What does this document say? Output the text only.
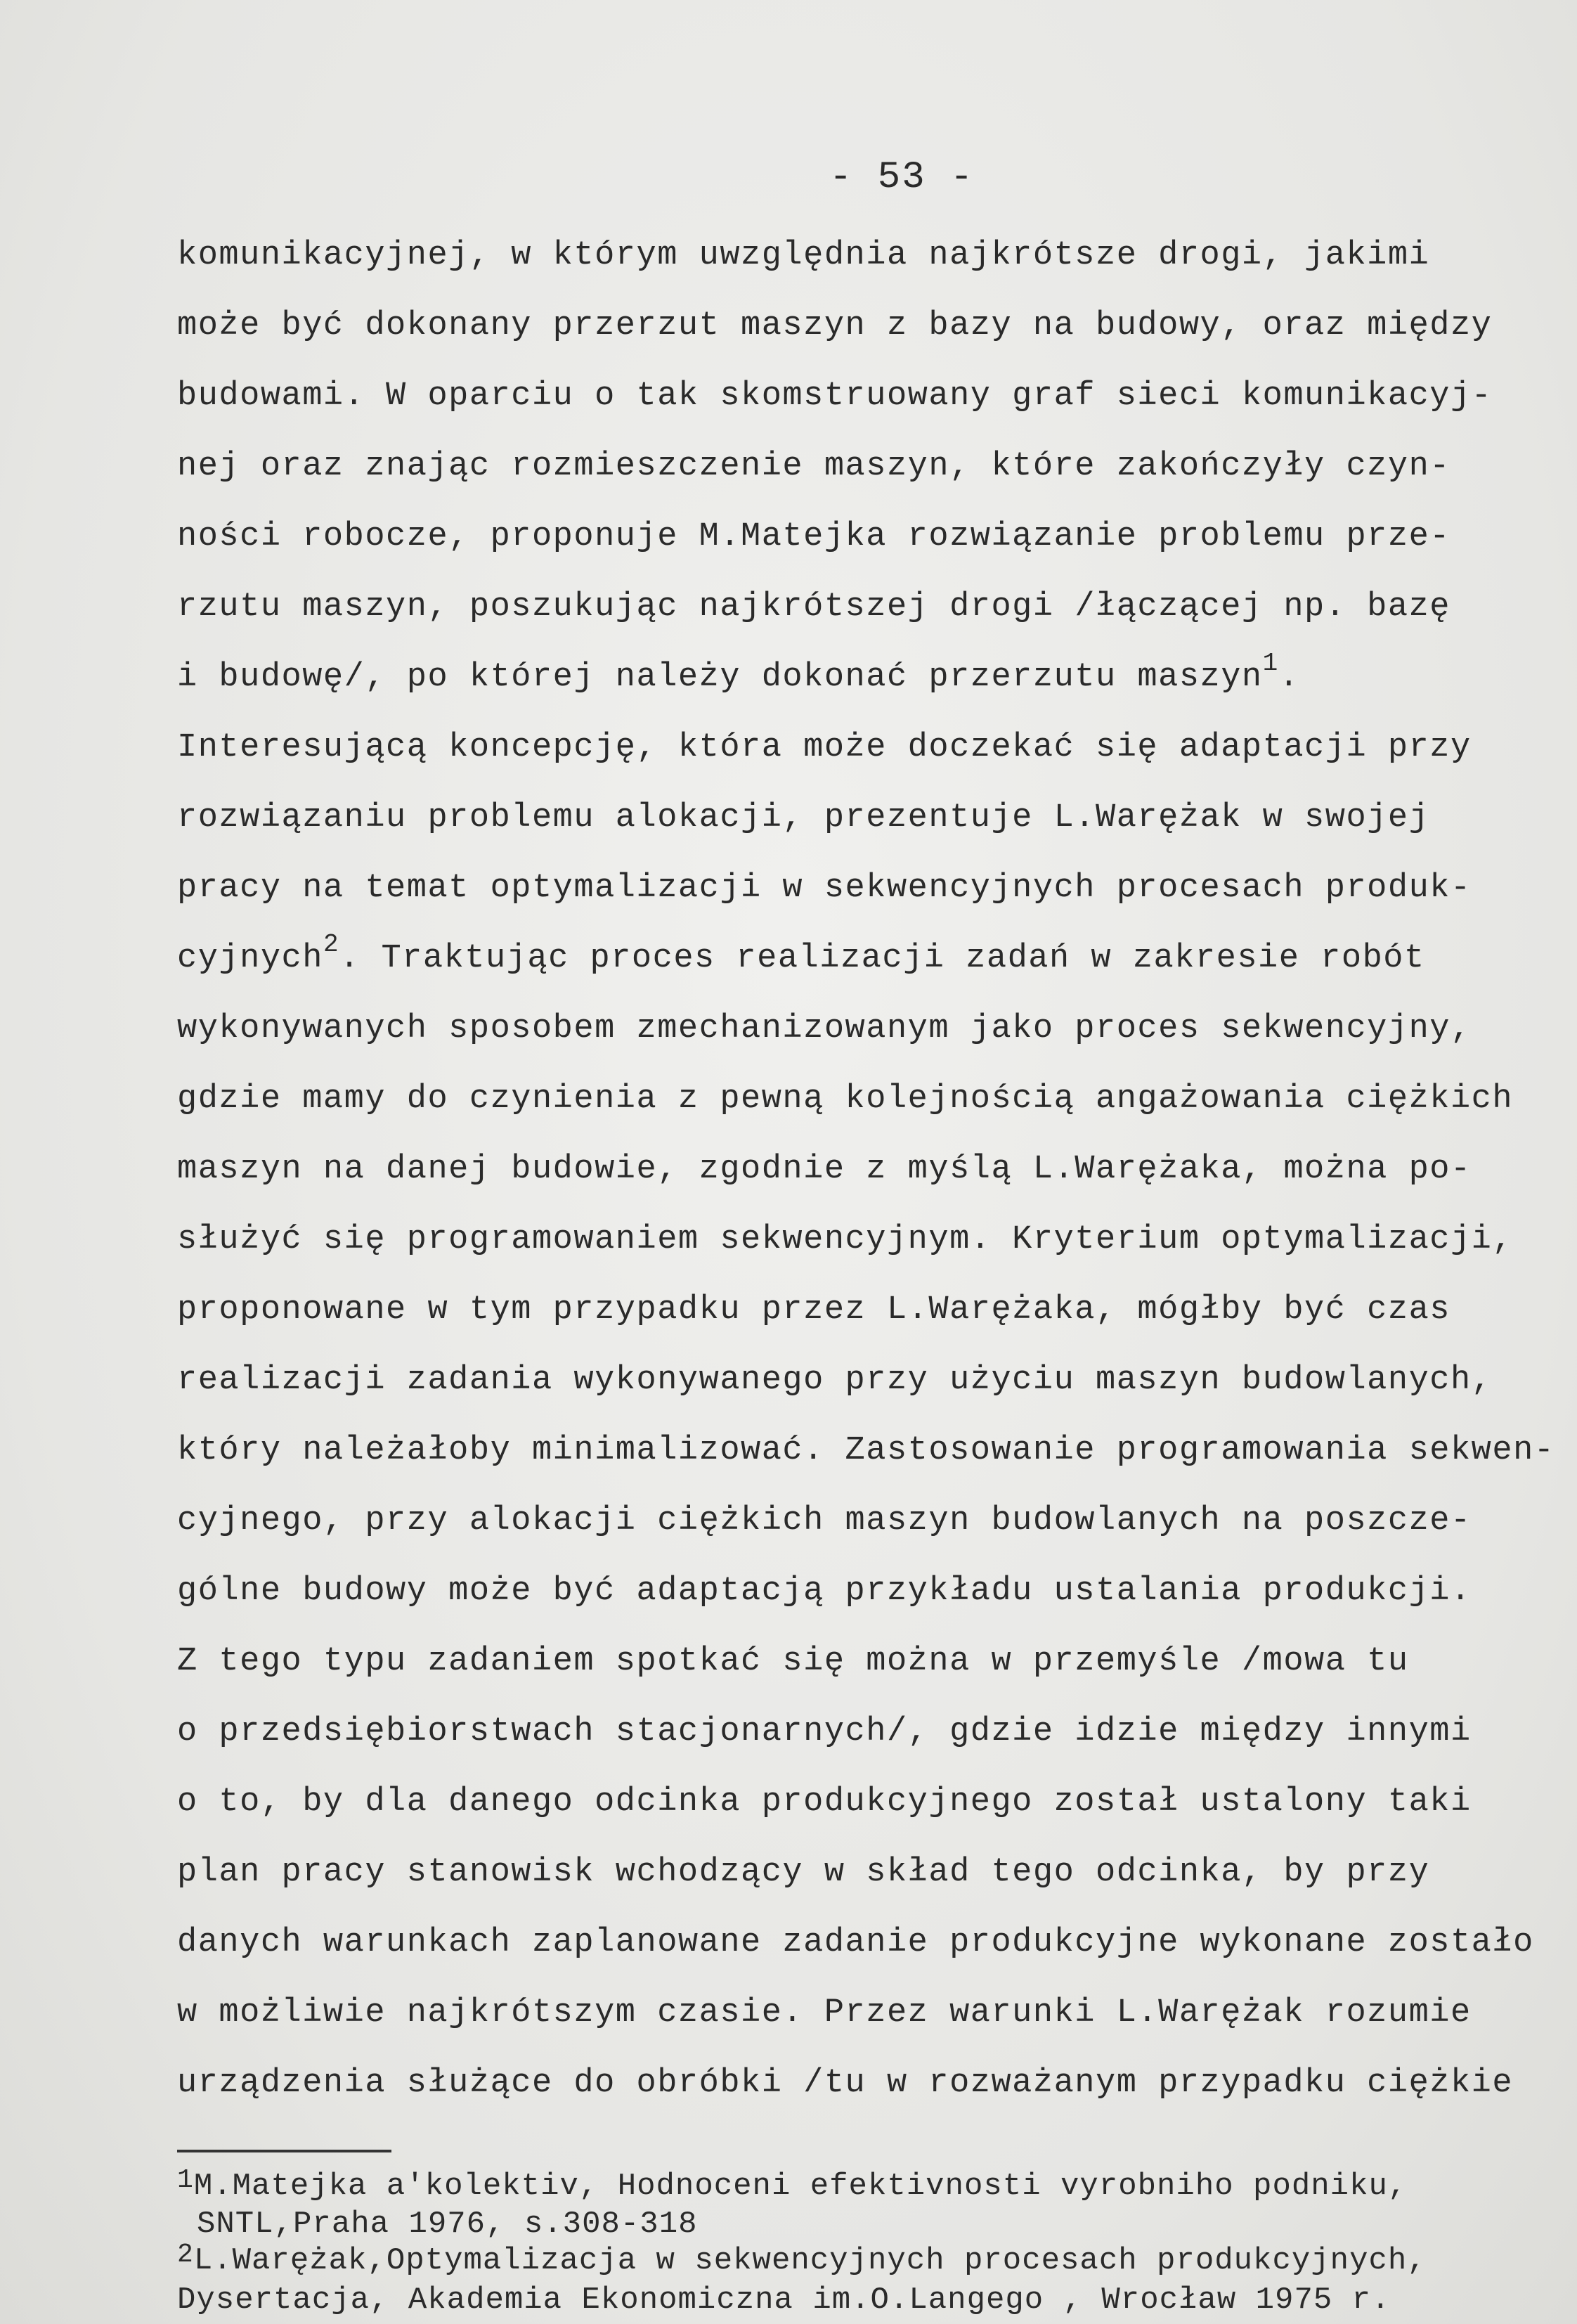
- 53 -
komunikacyjnej, w którym uwzględnia najkrótsze drogi, jakimi
może być dokonany przerzut maszyn z bazy na budowy, oraz między
budowami. W oparciu o tak skomstruowany graf sieci komunikacyj-
nej oraz znając rozmieszczenie maszyn, które zakończyły czyn-
ności robocze, proponuje M.Matejka rozwiązanie problemu prze-
rzutu maszyn, poszukując najkrótszej drogi /łączącej np. bazę
i budowę/, po której należy dokonać przerzutu maszyn$^1$.
Interesującą koncepcję, która może doczekać się adaptacji przy
rozwiązaniu problemu alokacji, prezentuje L.Warężak w swojej
pracy na temat optymalizacji w sekwencyjnych procesach produk-
cyjnych$^2$. Traktując proces realizacji zadań w zakresie robót
wykonywanych sposobem zmechanizowanym jako proces sekwencyjny,
gdzie mamy do czynienia z pewną kolejnością angażowania ciężkich
maszyn na danej budowie, zgodnie z myślą L.Warężaka, można po-
służyć się programowaniem sekwencyjnym. Kryterium optymalizacji,
proponowane w tym przypadku przez L.Warężaka, mógłby być czas
realizacji zadania wykonywanego przy użyciu maszyn budowlanych,
który należałoby minimalizować. Zastosowanie programowania sekwen-
cyjnego, przy alokacji ciężkich maszyn budowlanych na poszcze-
gólne budowy może być adaptacją przykładu ustalania produkcji.
Z tego typu zadaniem spotkać się można w przemyśle /mowa tu
o przedsiębiorstwach stacjonarnych/, gdzie idzie między innymi
o to, by dla danego odcinka produkcyjnego został ustalony taki
plan pracy stanowisk wchodzący w skład tego odcinka, by przy
danych warunkach zaplanowane zadanie produkcyjne wykonane zostało
w możliwie najkrótszym czasie. Przez warunki L.Warężak rozumie
urządzenia służące do obróbki /tu w rozważanym przypadku ciężkie
1M.Matejka a'kolektiv, Hodnoceni efektivnosti vyrobniho podniku,
SNTL,Praha 1976, s.308-318
2L.Warężak,Optymalizacja w sekwencyjnych procesach produkcyjnych,
Dysertacja, Akademia Ekonomiczna im.O.Langego , Wrocław 1975 r.
